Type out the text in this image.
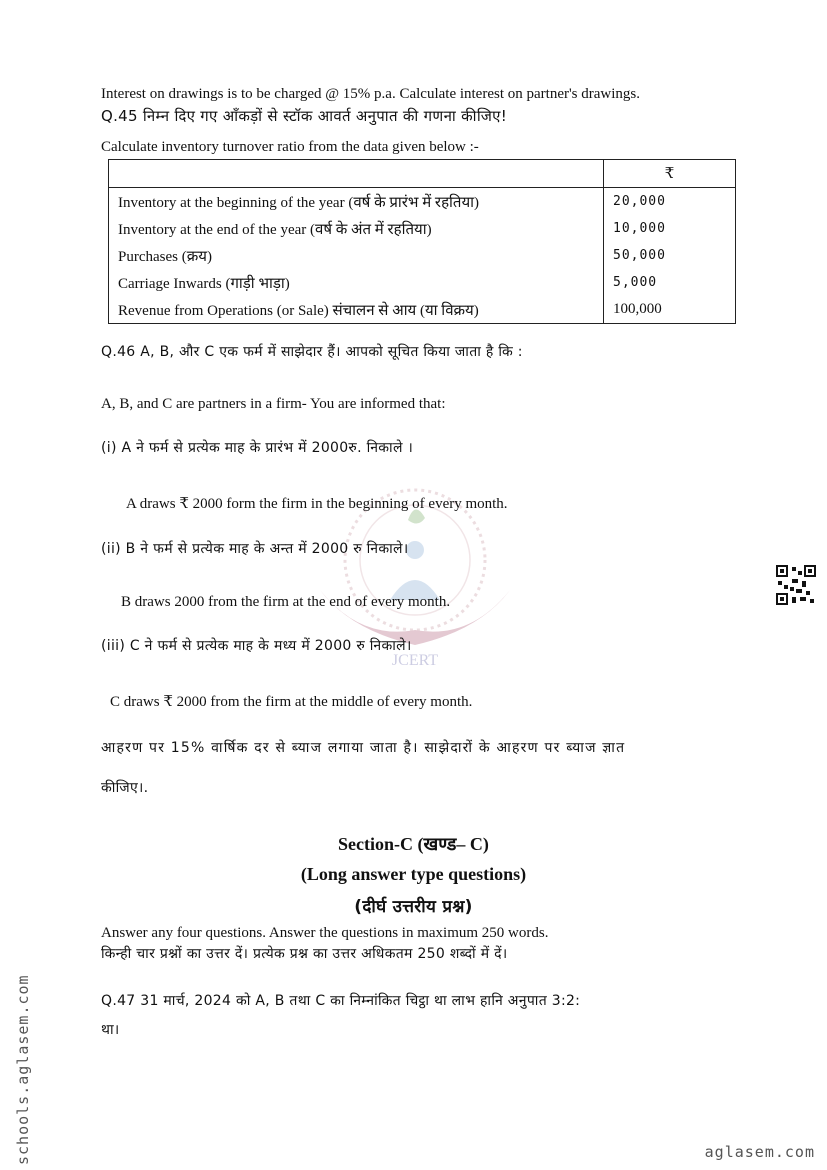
JCERT
Interest on drawings is to be charged @ 15% p.a. Calculate interest on partner's drawings.
Q.45 निम्न दिए गए आँकड़ों से स्टॉक आवर्त अनुपात की गणना कीजिए!
Calculate inventory turnover ratio from the data given below :-
	₹
Inventory at the beginning of the year (वर्ष के प्रारंभ में रहतिया)	20,000
Inventory at the end of the year (वर्ष के अंत में रहतिया)	10,000
Purchases (क्रय)	50,000
Carriage Inwards (गाड़ी भाड़ा)	5,000
Revenue from Operations (or Sale) संचालन से आय (या विक्रय)	100,000
Q.46 A, B, और C एक फर्म में साझेदार हैं। आपको सूचित किया जाता है कि :
A, B, and C are partners in a firm- You are informed that:
(i) A ने फर्म से प्रत्येक माह के प्रारंभ में 2000रु. निकाले ।
A draws ₹ 2000 form the firm in the beginning of every month.
(ii) B ने फर्म से प्रत्येक माह के अन्त में 2000 रु निकाले।
B draws 2000 from the firm at the end of every month.
(iii) C ने फर्म से प्रत्येक माह के मध्य में 2000 रु निकाले।
C draws ₹ 2000 from the firm at the middle of every month.
आहरण पर 15% वार्षिक दर से ब्याज लगाया जाता है। साझेदारों के आहरण पर ब्याज ज्ञात
कीजिए।.
Section-C (खण्ड– C)
(Long answer type questions)
(दीर्घ उत्तरीय प्रश्न)
Answer any four questions. Answer the questions in maximum 250 words.
किन्ही चार प्रश्नों का उत्तर दें। प्रत्येक प्रश्न का उत्तर अधिकतम 250 शब्दों में दें।
Q.47 31 मार्च, 2024 को A, B तथा C का निम्नांकित चिट्ठा था लाभ हानि अनुपात 3:2:
था।
schools.aglasem.com	aglasem.com
